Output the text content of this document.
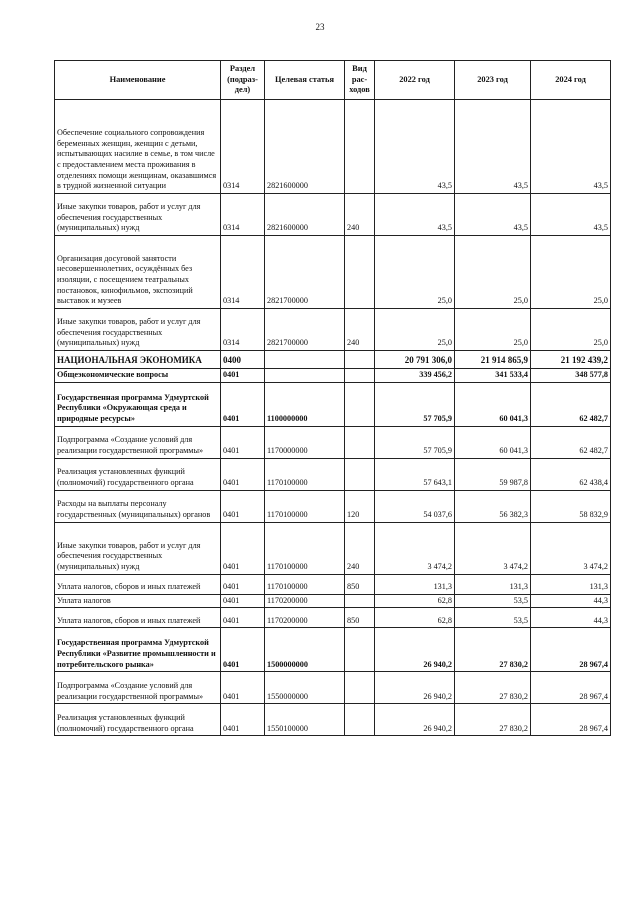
23
Наименование	Раздел (подраз-дел)	Целевая статья	Вид рас-ходов	2022 год	2023 год	2024 год
Обеспечение социального сопровождения беременных женщин, женщин с детьми, испытывающих насилие в семье, в том числе с предоставлением места проживания в отделениях помощи женщинам, оказавшимся в трудной жизненной ситуации	0314	2821600000		43,5	43,5	43,5
Иные закупки товаров, работ и услуг для обеспечения государственных (муниципальных) нужд	0314	2821600000	240	43,5	43,5	43,5
Организация досуговой занятости несовершеннолетних, осуждённых без изоляции, с посещением театральных постановок, кинофильмов, экспозиций выставок и музеев	0314	2821700000		25,0	25,0	25,0
Иные закупки товаров, работ и услуг для обеспечения государственных (муниципальных) нужд	0314	2821700000	240	25,0	25,0	25,0
НАЦИОНАЛЬНАЯ ЭКОНОМИКА	0400			20 791 306,0	21 914 865,9	21 192 439,2
Общеэкономические вопросы	0401			339 456,2	341 533,4	348 577,8
Государственная программа Удмуртской Республики «Окружающая среда и природные ресурсы»	0401	1100000000		57 705,9	60 041,3	62 482,7
Подпрограмма «Создание условий для реализации государственной программы»	0401	1170000000		57 705,9	60 041,3	62 482,7
Реализация установленных функций (полномочий) государственного органа	0401	1170100000		57 643,1	59 987,8	62 438,4
Расходы на выплаты персоналу государственных (муниципальных) органов	0401	1170100000	120	54 037,6	56 382,3	58 832,9
Иные закупки товаров, работ и услуг для обеспечения государственных (муниципальных) нужд	0401	1170100000	240	3 474,2	3 474,2	3 474,2
Уплата налогов, сборов и иных платежей	0401	1170100000	850	131,3	131,3	131,3
Уплата налогов	0401	1170200000		62,8	53,5	44,3
Уплата налогов, сборов и иных платежей	0401	1170200000	850	62,8	53,5	44,3
Государственная программа Удмуртской Республики «Развитие промышленности и потребительского рынка»	0401	1500000000		26 940,2	27 830,2	28 967,4
Подпрограмма «Создание условий для реализации государственной программы»	0401	1550000000		26 940,2	27 830,2	28 967,4
Реализация установленных функций (полномочий) государственного органа	0401	1550100000		26 940,2	27 830,2	28 967,4
